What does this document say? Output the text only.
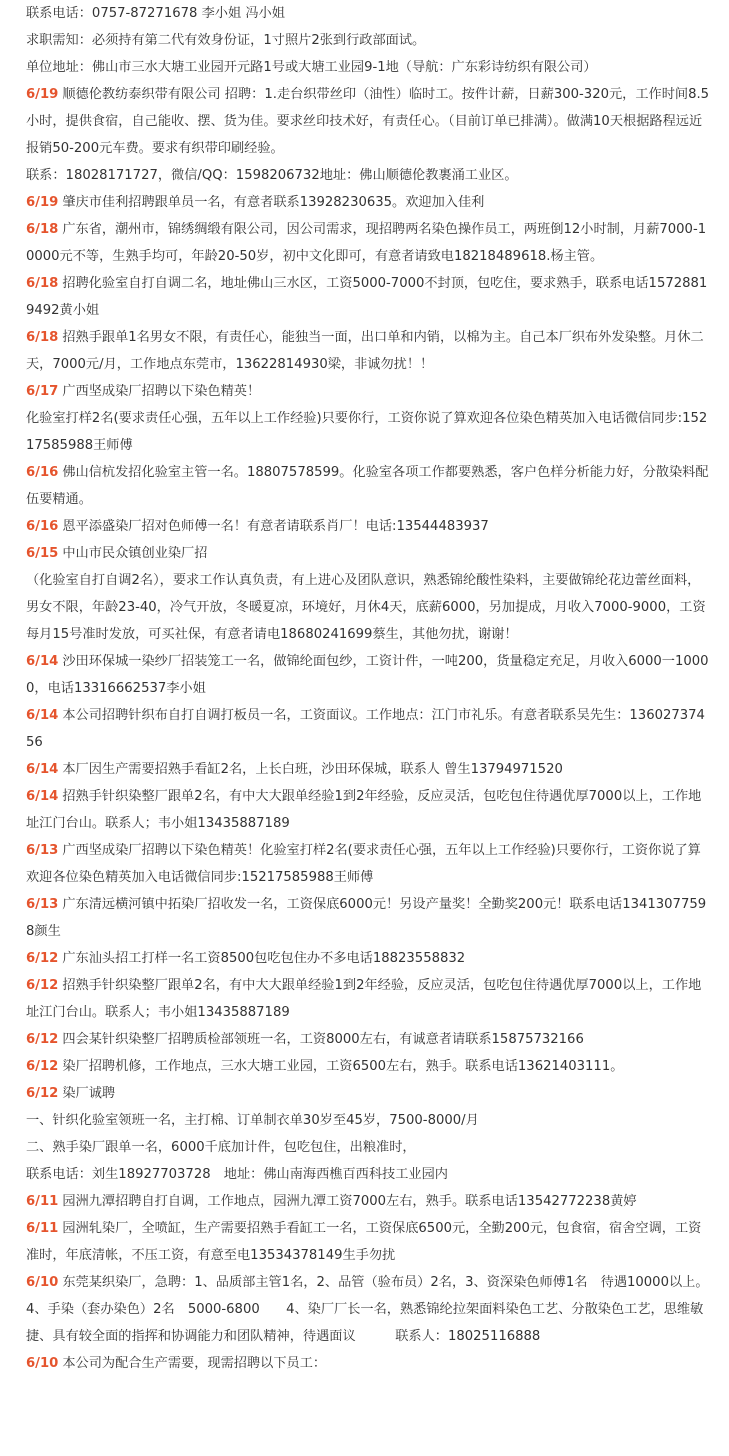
联系电话：0757-87271678 李小姐 冯小姐

求职需知：必须持有第二代有效身份证，1寸照片2张到行政部面试。

单位地址：佛山市三水大塘工业园开元路1号或大塘工业园9-1地（导航：广东彩诗纺织有限公司）

6/19 顺德伦教纺泰织带有限公司 招聘：1.走台织带丝印（油性）临时工。按件计薪，日薪300-320元，工作时间8.5小时，提供食宿，自己能收、摆、货为佳。要求丝印技术好，有责任心。（目前订单已排满）。做满10天根据路程远近报销50-200元车费。要求有织带印刷经验。

联系：18028171727，微信/QQ：1598206732地址：佛山顺德伦教裹涌工业区。

6/19 肇庆市佳利招聘跟单员一名，有意者联系13928230635。欢迎加入佳利

6/18 广东省，潮州市，锦绣绸缎有限公司，因公司需求，现招聘两名染色操作员工，两班倒12小时制，月薪7000-10000元不等，生熟手均可，年龄20-50岁，初中文化即可，有意者请致电18218489618.杨主管。

6/18 招聘化验室自打自调二名，地址佛山三水区，工资5000-7000不封顶，包吃住，要求熟手，联系电话15728819492黄小姐

6/18 招熟手跟单1名男女不限，有责任心，能独当一面，出口单和内销，以棉为主。自己本厂织布外发染整。月休二天，7000元/月，工作地点东莞市，13622814930梁，非诚勿扰！！

6/17 广西坚成染厂招聘以下染色精英！

化验室打样2名(要求责任心强，五年以上工作经验)只要你行，工资你说了算欢迎各位染色精英加入电话微信同步:15217585988王师傅

6/16 佛山信杭发招化验室主管一名。18807578599。化验室各项工作都要熟悉，客户色样分析能力好，分散染料配伍要精通。

6/16 恩平添盛染厂招对色师傅一名！有意者请联系肖厂！电话:13544483937

6/15 中山市民众镇创业染厂招

（化验室自打自调2名），要求工作认真负责，有上进心及团队意识，熟悉锦纶酸性染料，主要做锦纶花边蕾丝面料，男女不限，年龄23-40，冷气开放，冬暖夏凉，环境好，月休4天，底薪6000，另加提成，月收入7000-9000，工资每月15号准时发放，可买社保，有意者请电18680241699蔡生，其他勿扰，谢谢！

6/14 沙田环保城一染纱厂招装笼工一名，做锦纶面包纱，工资计件，一吨200，货量稳定充足，月收入6000一10000，电话13316662537李小姐

6/14 本公司招聘针织布自打自调打板员一名，工资面议。工作地点：江门市礼乐。有意者联系吴先生：13602737456

6/14 本厂因生产需要招熟手看缸2名，上长白班，沙田环保城，联系人 曾生13794971520

6/14 招熟手针织染整厂跟单2名，有中大大跟单经验1到2年经验，反应灵活，包吃包住待遇优厚7000以上，工作地址江门台山。联系人；韦小姐13435887189

6/13 广西坚成染厂招聘以下染色精英！化验室打样2名(要求责任心强，五年以上工作经验)只要你行，工资你说了算欢迎各位染色精英加入电话微信同步:15217585988王师傅

6/13 广东清远横河镇中拓染厂招收发一名，工资保底6000元！另设产量奖！全勤奖200元！联系电话13413077598颜生

6/12 广东汕头招工打样一名工资8500包吃包住办不多电话18823558832

6/12 招熟手针织染整厂跟单2名，有中大大跟单经验1到2年经验，反应灵活，包吃包住待遇优厚7000以上，工作地址江门台山。联系人；韦小姐13435887189

6/12 四会某针织染整厂招聘质检部领班一名，工资8000左右，有诚意者请联系15875732166

6/12 染厂招聘机修，工作地点，三水大塘工业园，工资6500左右，熟手。联系电话13621403111。

6/12 染厂诚聘

一、针织化验室领班一名，主打棉、订单制衣单30岁至45岁，7500-8000/月

二、熟手染厂跟单一名，6000千底加计件，包吃包住，出粮准时，

联系电话：刘生18927703728　地址：佛山南海西樵百西科技工业园内

6/11 园洲九潭招聘自打自调，工作地点，园洲九潭工资7000左右，熟手。联系电话13542772238黄婷

6/11 园洲轧染厂，全喷缸，生产需要招熟手看缸工一名，工资保底6500元，全勤200元，包食宿，宿舍空调，工资准时，年底清帐，不压工资，有意至电13534378149生手勿扰

6/10 东莞某织染厂，急聘：1、品质部主管1名，2、品管（验布员）2名，3、资深染色师傅1名　待遇10000以上。 4、手染（套办染色）2名　5000-6800　　4、染厂厂长一名，熟悉锦纶拉架面料染色工艺、分散染色工艺，思维敏捷、具有较全面的指挥和协调能力和团队精神，待遇面议　　　联系人：18025116888

6/10 本公司为配合生产需要，现需招聘以下员工：
